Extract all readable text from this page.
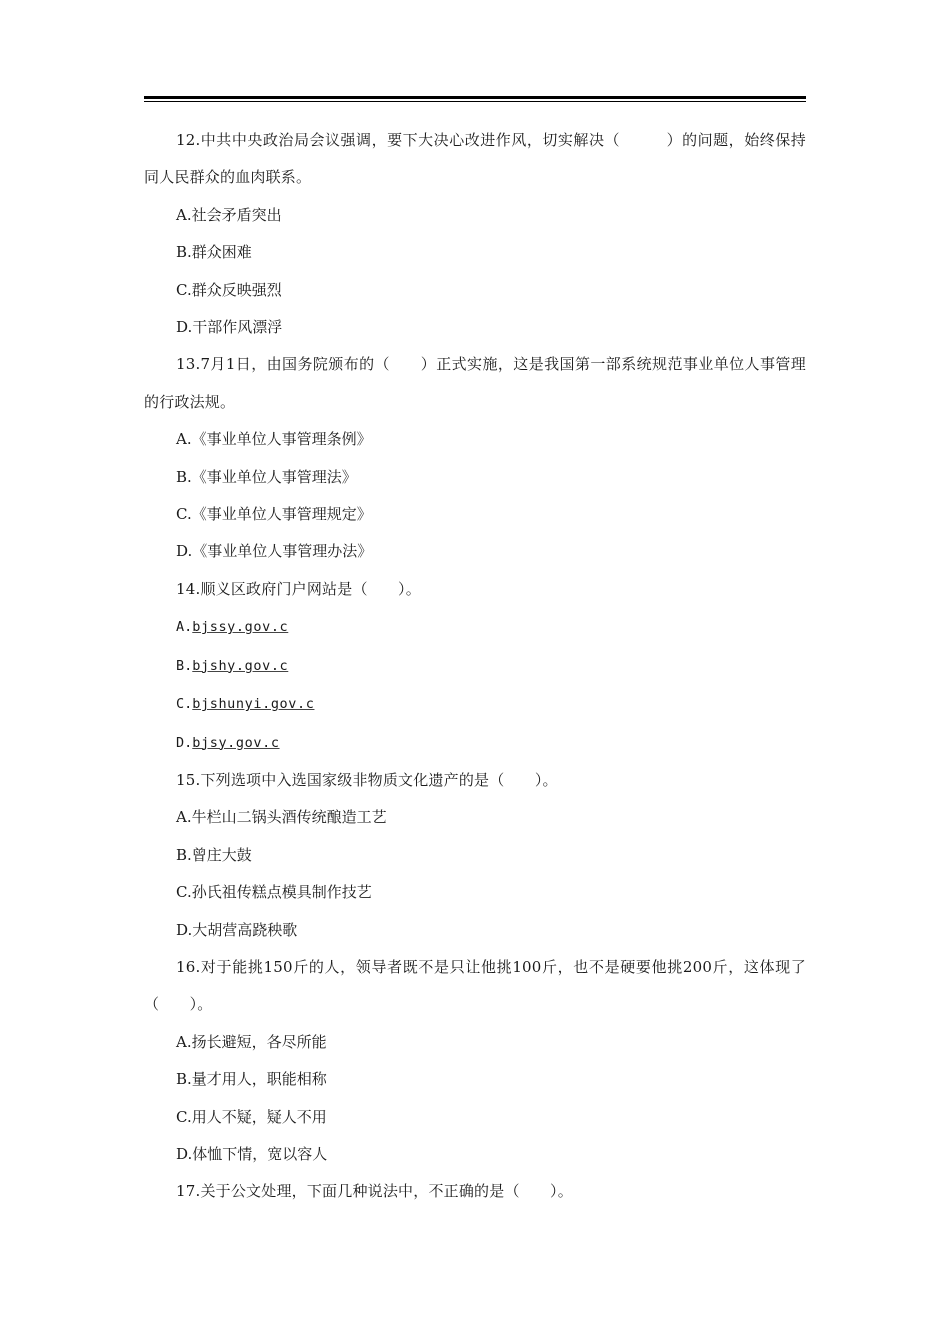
12.中共中央政治局会议强调，要下大决心改进作风，切实解决（　　　）的问题，始终保持同人民群众的血肉联系。

A.社会矛盾突出

B.群众困难

C.群众反映强烈

D.干部作风漂浮

13.7月1日，由国务院颁布的（　　）正式实施，这是我国第一部系统规范事业单位人事管理的行政法规。

A.《事业单位人事管理条例》

B.《事业单位人事管理法》

C.《事业单位人事管理规定》

D.《事业单位人事管理办法》

14.顺义区政府门户网站是（　　）。

A.bjssy.gov.c

B.bjshy.gov.c

C.bjshunyi.gov.c

D.bjsy.gov.c

15.下列选项中入选国家级非物质文化遗产的是（　　）。

A.牛栏山二锅头酒传统酿造工艺

B.曾庄大鼓

C.孙氏祖传糕点模具制作技艺

D.大胡营高跷秧歌

16.对于能挑150斤的人，领导者既不是只让他挑100斤，也不是硬要他挑200斤，这体现了（　　）。

A.扬长避短，各尽所能

B.量才用人，职能相称

C.用人不疑，疑人不用

D.体恤下情，宽以容人

17.关于公文处理，下面几种说法中，不正确的是（　　）。
